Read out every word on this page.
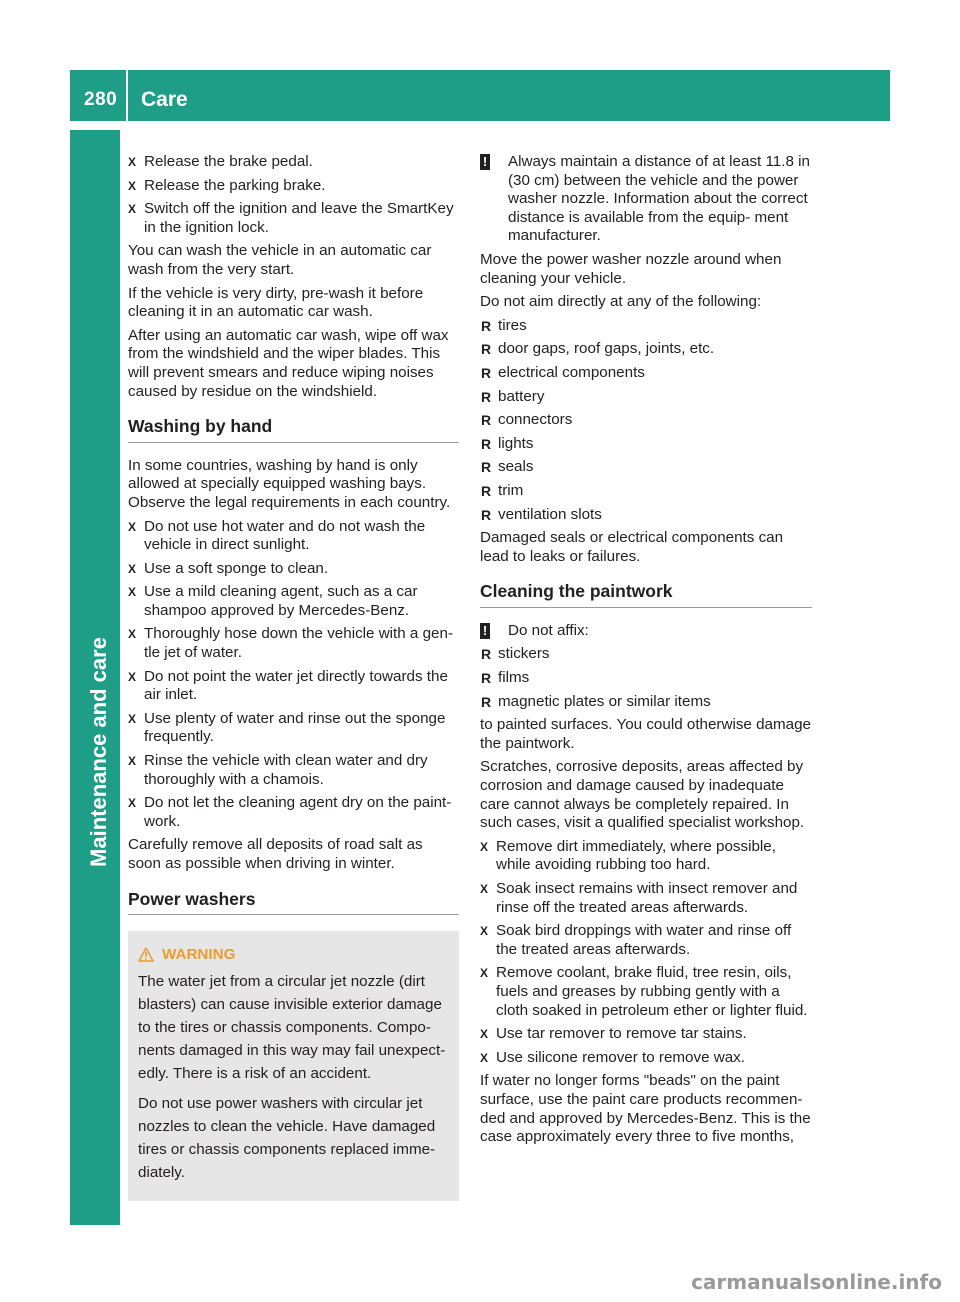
280 Care
Maintenance and care
X Release the brake pedal.
X Release the parking brake.
X Switch off the ignition and leave the SmartKey in the ignition lock.

You can wash the vehicle in an automatic car wash from the very start.

If the vehicle is very dirty, pre-wash it before cleaning it in an automatic car wash.

After using an automatic car wash, wipe off wax from the windshield and the wiper blades. This will prevent smears and reduce wiping noises caused by residue on the windshield.

Washing by hand

In some countries, washing by hand is only allowed at specially equipped washing bays. Observe the legal requirements in each country.

X Do not use hot water and do not wash the vehicle in direct sunlight.
X Use a soft sponge to clean.
X Use a mild cleaning agent, such as a car shampoo approved by Mercedes-Benz.
X Thoroughly hose down the vehicle with a gen- tle jet of water.
X Do not point the water jet directly towards the air inlet.
X Use plenty of water and rinse out the sponge frequently.
X Rinse the vehicle with clean water and dry thoroughly with a chamois.
X Do not let the cleaning agent dry on the paint- work.

Carefully remove all deposits of road salt as soon as possible when driving in winter.

Power washers
WARNING

The water jet from a circular jet nozzle (dirt blasters) can cause invisible exterior damage to the tires or chassis components. Compo- nents damaged in this way may fail unexpect- edly. There is a risk of an accident.

Do not use power washers with circular jet nozzles to clean the vehicle. Have damaged tires or chassis components replaced imme- diately.

! Always maintain a distance of at least 11.8 in (30 cm) between the vehicle and the power washer nozzle. Information about the correct distance is available from the equip- ment manufacturer.

Move the power washer nozzle around when cleaning your vehicle.

Do not aim directly at any of the following:

R tires
R door gaps, roof gaps, joints, etc.
R electrical components
R battery
R connectors
R lights
R seals
R trim
R ventilation slots

Damaged seals or electrical components can lead to leaks or failures.

Cleaning the paintwork
! Do not affix:
R stickers
R films
R magnetic plates or similar items

to painted surfaces. You could otherwise damage the paintwork.

Scratches, corrosive deposits, areas affected by corrosion and damage caused by inadequate care cannot always be completely repaired. In such cases, visit a qualified specialist workshop.

X Remove dirt immediately, where possible, while avoiding rubbing too hard.
X Soak insect remains with insect remover and rinse off the treated areas afterwards.
X Soak bird droppings with water and rinse off the treated areas afterwards.
X Remove coolant, brake fluid, tree resin, oils, fuels and greases by rubbing gently with a cloth soaked in petroleum ether or lighter fluid.
X Use tar remover to remove tar stains.
X Use silicone remover to remove wax.

If water no longer forms "beads" on the paint surface, use the paint care products recommen- ded and approved by Mercedes-Benz. This is the case approximately every three to five months,

carmanualsonline.info
